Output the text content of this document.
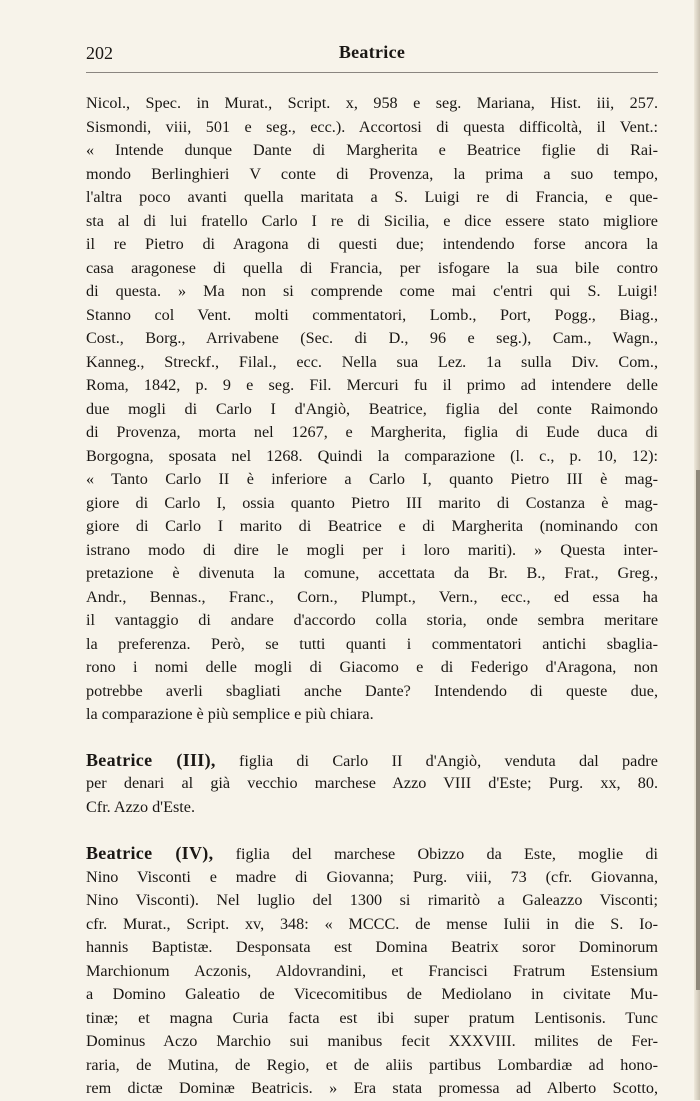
202	Beatrice
Nicol., Spec. in Murat., Script. x, 958 e seg. Mariana, Hist. iii, 257.
Sismondi, viii, 501 e seg., ecc.). Accortosi di questa difficoltà, il Vent.:
« Intende dunque Dante di Margherita e Beatrice figlie di Rai-
mondo Berlinghieri V conte di Provenza, la prima a suo tempo,
l'altra poco avanti quella maritata a S. Luigi re di Francia, e que-
sta al di lui fratello Carlo I re di Sicilia, e dice essere stato migliore
il re Pietro di Aragona di questi due; intendendo forse ancora la
casa aragonese di quella di Francia, per isfogare la sua bile contro
di questa. » Ma non si comprende come mai c'entri qui S. Luigi!
Stanno col Vent. molti commentatori, Lomb., Port, Pogg., Biag.,
Cost., Borg., Arrivabene (Sec. di D., 96 e seg.), Cam., Wagn.,
Kanneg., Streckf., Filal., ecc. Nella sua Lez. 1a sulla Div. Com.,
Roma, 1842, p. 9 e seg. Fil. Mercuri fu il primo ad intendere delle
due mogli di Carlo I d'Angiò, Beatrice, figlia del conte Raimondo
di Provenza, morta nel 1267, e Margherita, figlia di Eude duca di
Borgogna, sposata nel 1268. Quindi la comparazione (l. c., p. 10, 12):
« Tanto Carlo II è inferiore a Carlo I, quanto Pietro III è mag-
giore di Carlo I, ossia quanto Pietro III marito di Costanza è mag-
giore di Carlo I marito di Beatrice e di Margherita (nominando con
istrano modo di dire le mogli per i loro mariti). » Questa inter-
pretazione è divenuta la comune, accettata da Br. B., Frat., Greg.,
Andr., Bennas., Franc., Corn., Plumpt., Vern., ecc., ed essa ha
il vantaggio di andare d'accordo colla storia, onde sembra meritare
la preferenza. Però, se tutti quanti i commentatori antichi sbaglia-
rono i nomi delle mogli di Giacomo e di Federigo d'Aragona, non
potrebbe averli sbagliati anche Dante? Intendendo di queste due,
la comparazione è più semplice e più chiara.
Beatrice (III), figlia di Carlo II d'Angiò, venduta dal padre
per denari al già vecchio marchese Azzo VIII d'Este; Purg. xx, 80.
Cfr. Azzo d'Este.
Beatrice (IV), figlia del marchese Obizzo da Este, moglie di
Nino Visconti e madre di Giovanna; Purg. viii, 73 (cfr. Giovanna,
Nino Visconti). Nel luglio del 1300 si rimaritò a Galeazzo Visconti;
cfr. Murat., Script. xv, 348: « MCCC. de mense Iulii in die S. Io-
hannis Baptistæ. Desponsata est Domina Beatrix soror Dominorum
Marchionum Aczonis, Aldovrandini, et Francisci Fratrum Estensium
a Domino Galeatio de Vicecomitibus de Mediolano in civitate Mu-
tinæ; et magna Curia facta est ibi super pratum Lentisonis. Tunc
Dominus Aczo Marchio sui manibus fecit XXXVIII. milites de Fer-
raria, de Mutina, de Regio, et de aliis partibus Lombardiæ ad hono-
rem dictæ Dominæ Beatricis. » Era stata promessa ad Alberto Scotto,
